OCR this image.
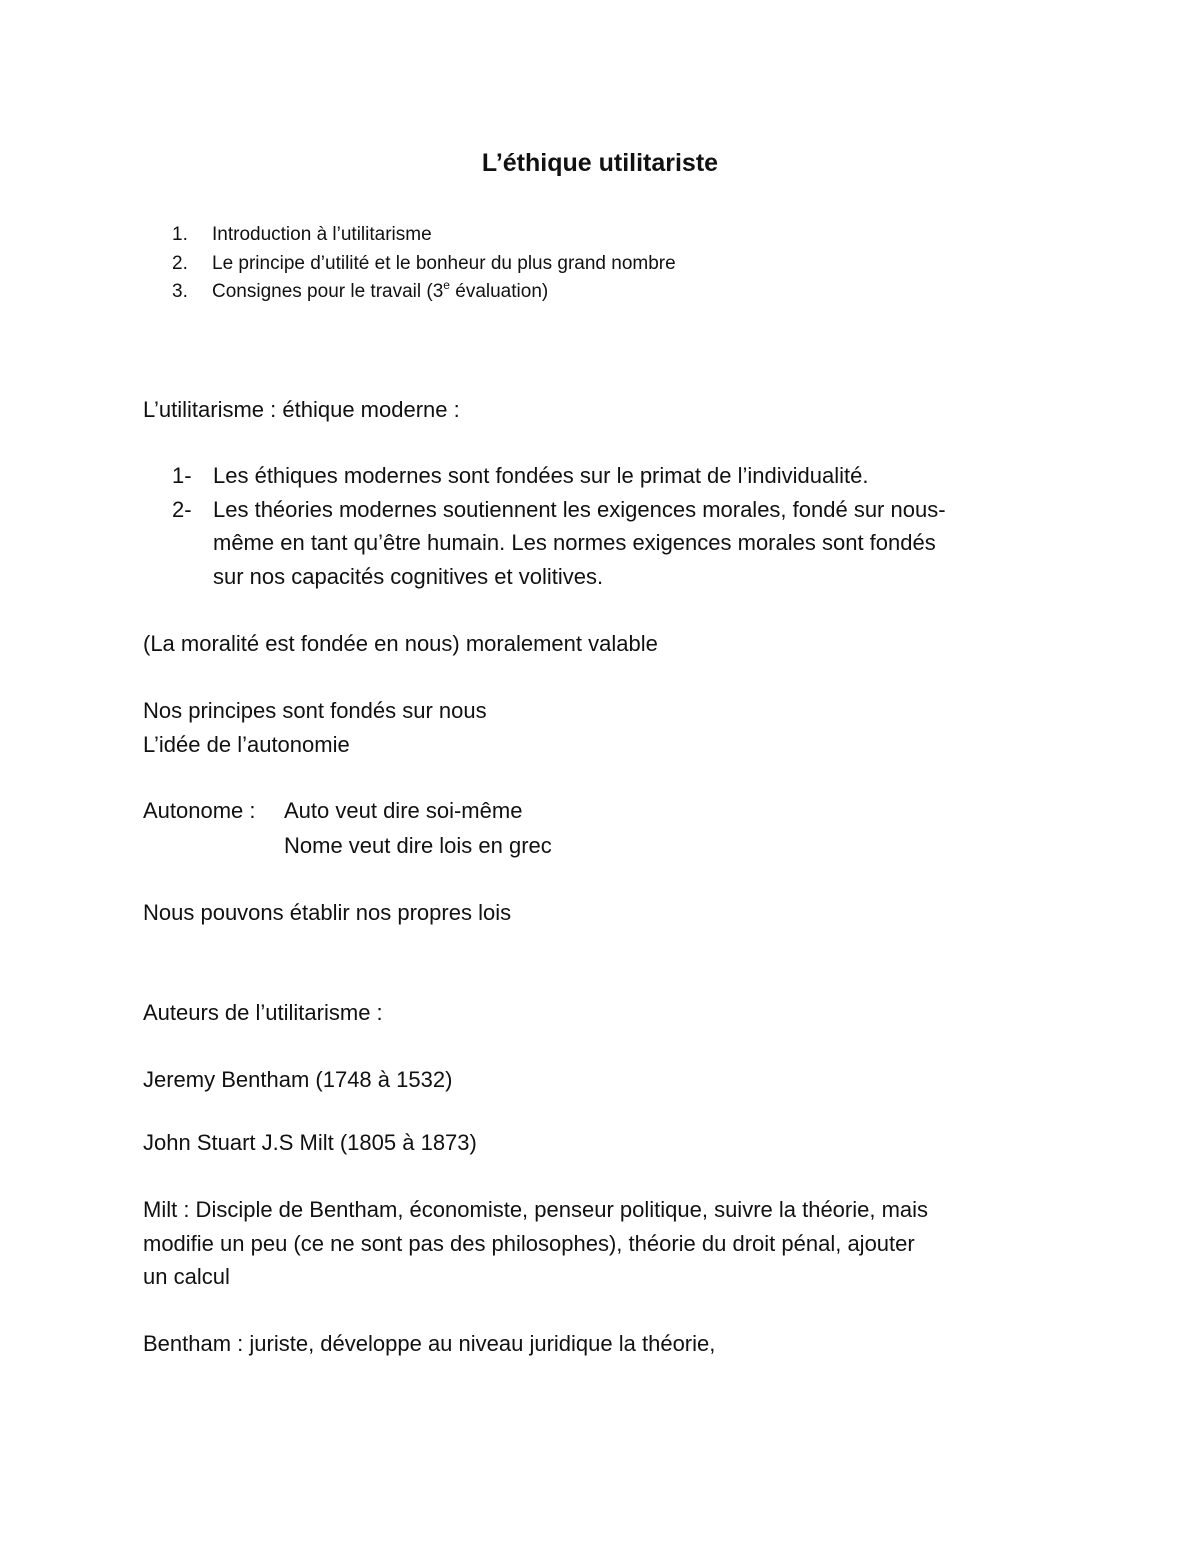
L’éthique utilitariste
1. Introduction à l’utilitarisme
2. Le principe d’utilité et le bonheur du plus grand nombre
3. Consignes pour le travail (3e évaluation)

L’utilitarisme : éthique moderne :

1- Les éthiques modernes sont fondées sur le primat de l’individualité.
2- Les théories modernes soutiennent les exigences morales, fondé sur nous-
même en tant qu’être humain. Les normes exigences morales sont fondés
sur nos capacités cognitives et volitives.

(La moralité est fondée en nous) moralement valable

Nos principes sont fondés sur nous

L’idée de l’autonomie

Autonome : Auto veut dire soi-même
Nome veut dire lois en grec

Nous pouvons établir nos propres lois

Auteurs de l’utilitarisme :

Jeremy Bentham (1748 à 1532)

John Stuart J.S Milt (1805 à 1873)

Milt : Disciple de Bentham, économiste, penseur politique, suivre la théorie, mais
modifie un peu (ce ne sont pas des philosophes), théorie du droit pénal, ajouter
un calcul

Bentham : juriste, développe au niveau juridique la théorie,
